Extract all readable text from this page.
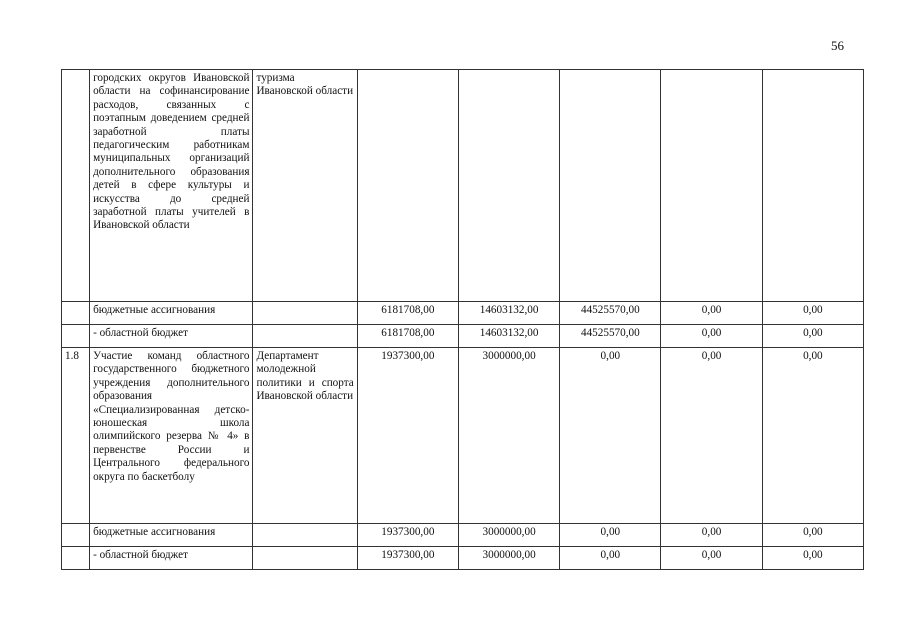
56
	городских округов Ивановской области на софинансирование расходов, связанных с поэтапным доведением средней заработной платы педагогическим работникам муниципальных организаций дополнительного образования детей в сфере культуры и искусства до средней заработной платы учителей в Ивановской области	туризма Ивановской области					
	бюджетные ассигнования		6181708,00	14603132,00	44525570,00	0,00	0,00
	- областной бюджет		6181708,00	14603132,00	44525570,00	0,00	0,00
1.8	Участие команд областного государственного бюджетного учреждения дополнительного образования «Специализированная детско-юношеская школа олимпийского резерва № 4» в первенстве России и Центрального федерального округа по баскетболу	Департамент молодежной политики и спорта Ивановской области	1937300,00	3000000,00	0,00	0,00	0,00
	бюджетные ассигнования		1937300,00	3000000,00	0,00	0,00	0,00
	- областной бюджет		1937300,00	3000000,00	0,00	0,00	0,00
